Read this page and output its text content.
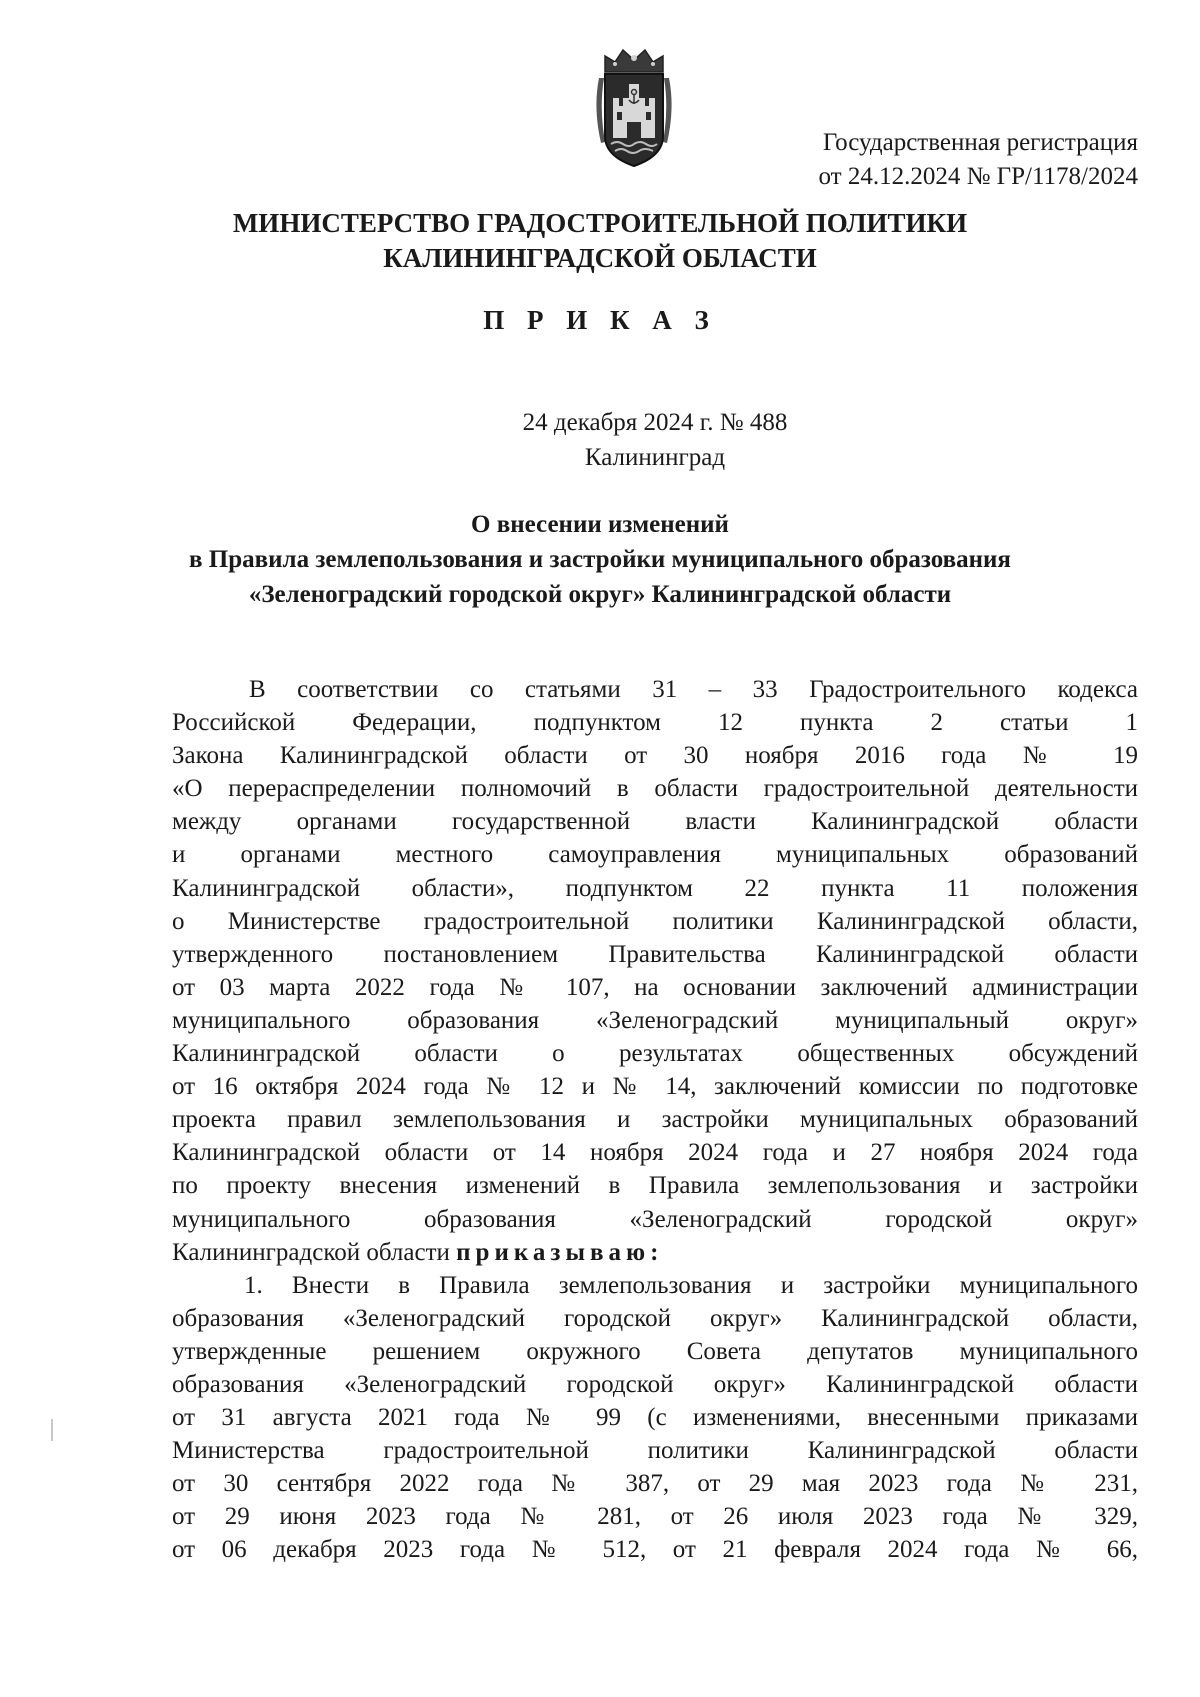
Государственная регистрация
от 24.12.2024 № ГР/1178/2024
МИНИСТЕРСТВО ГРАДОСТРОИТЕЛЬНОЙ ПОЛИТИКИ
КАЛИНИНГРАДСКОЙ ОБЛАСТИ
П Р И К А З
24 декабря 2024 г. № 488
Калининград
О внесении изменений
в Правила землепользования и застройки муниципального образования
«Зеленоградский городской округ» Калининградской области
В соответствии со статьями 31 – 33 Градостроительного кодекса
Российской Федерации, подпунктом 12 пункта 2 статьи 1
Закона Калининградской области от 30 ноября 2016 года № 19
«О перераспределении полномочий в области градостроительной деятельности
между органами государственной власти Калининградской области
и органами местного самоуправления муниципальных образований
Калининградской области», подпунктом 22 пункта 11 положения
о Министерстве градостроительной политики Калининградской области,
утвержденного постановлением Правительства Калининградской области
от 03 марта 2022 года № 107, на основании заключений администрации
муниципального образования «Зеленоградский муниципальный округ»
Калининградской области о результатах общественных обсуждений
от 16 октября 2024 года № 12 и № 14, заключений комиссии по подготовке
проекта правил землепользования и застройки муниципальных образований
Калининградской области от 14 ноября 2024 года и 27 ноября 2024 года
по проекту внесения изменений в Правила землепользования и застройки
муниципального образования «Зеленоградский городской округ»
Калининградской области приказываю:
1. Внести в Правила землепользования и застройки муниципального
образования «Зеленоградский городской округ» Калининградской области,
утвержденные решением окружного Совета депутатов муниципального
образования «Зеленоградский городской округ» Калининградской области
от 31 августа 2021 года № 99 (с изменениями, внесенными приказами
Министерства градостроительной политики Калининградской области
от 30 сентября 2022 года № 387, от 29 мая 2023 года № 231,
от 29 июня 2023 года № 281, от 26 июля 2023 года № 329,
от 06 декабря 2023 года № 512, от 21 февраля 2024 года № 66,
